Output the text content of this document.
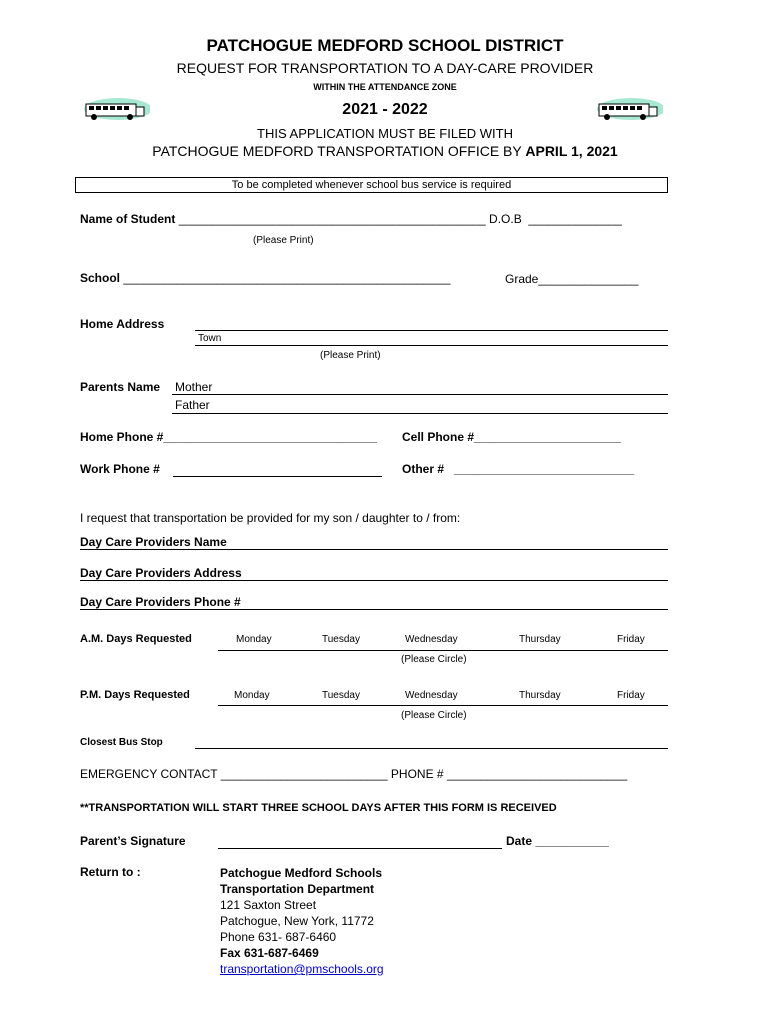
PATCHOGUE MEDFORD SCHOOL DISTRICT
REQUEST FOR TRANSPORTATION TO A DAY-CARE PROVIDER
WITHIN THE ATTENDANCE ZONE
2021 - 2022
THIS APPLICATION MUST BE FILED WITH
PATCHOGUE MEDFORD TRANSPORTATION OFFICE BY APRIL 1, 2021
To be completed whenever school bus service is required
Name of Student ______________________________________________ D.O.B ______________
(Please Print)
School _________________________________________________	Grade_______________
Home Address
Town
(Please Print)
Parents Name Mother
Father
Home Phone #________________________________ Cell Phone #______________________
Work Phone #	Other # ___________________________
I request that transportation be provided for my son / daughter to / from:
Day Care Providers Name
Day Care Providers Address
Day Care Providers Phone #
A.M. Days Requested	Monday	Tuesday	Wednesday	Thursday	Friday
(Please Circle)
P.M. Days Requested	Monday	Tuesday	Wednesday	Thursday	Friday
(Please Circle)
Closest Bus Stop
EMERGENCY CONTACT _________________________ PHONE # ___________________________
**TRANSPORTATION WILL START THREE SCHOOL DAYS AFTER THIS FORM IS RECEIVED
Parent’s Signature	Date ___________
Return to :	Patchogue Medford Schools
Transportation Department
121 Saxton Street
Patchogue, New York, 11772
Phone 631- 687-6460
Fax 631-687-6469
transportation@pmschools.org
